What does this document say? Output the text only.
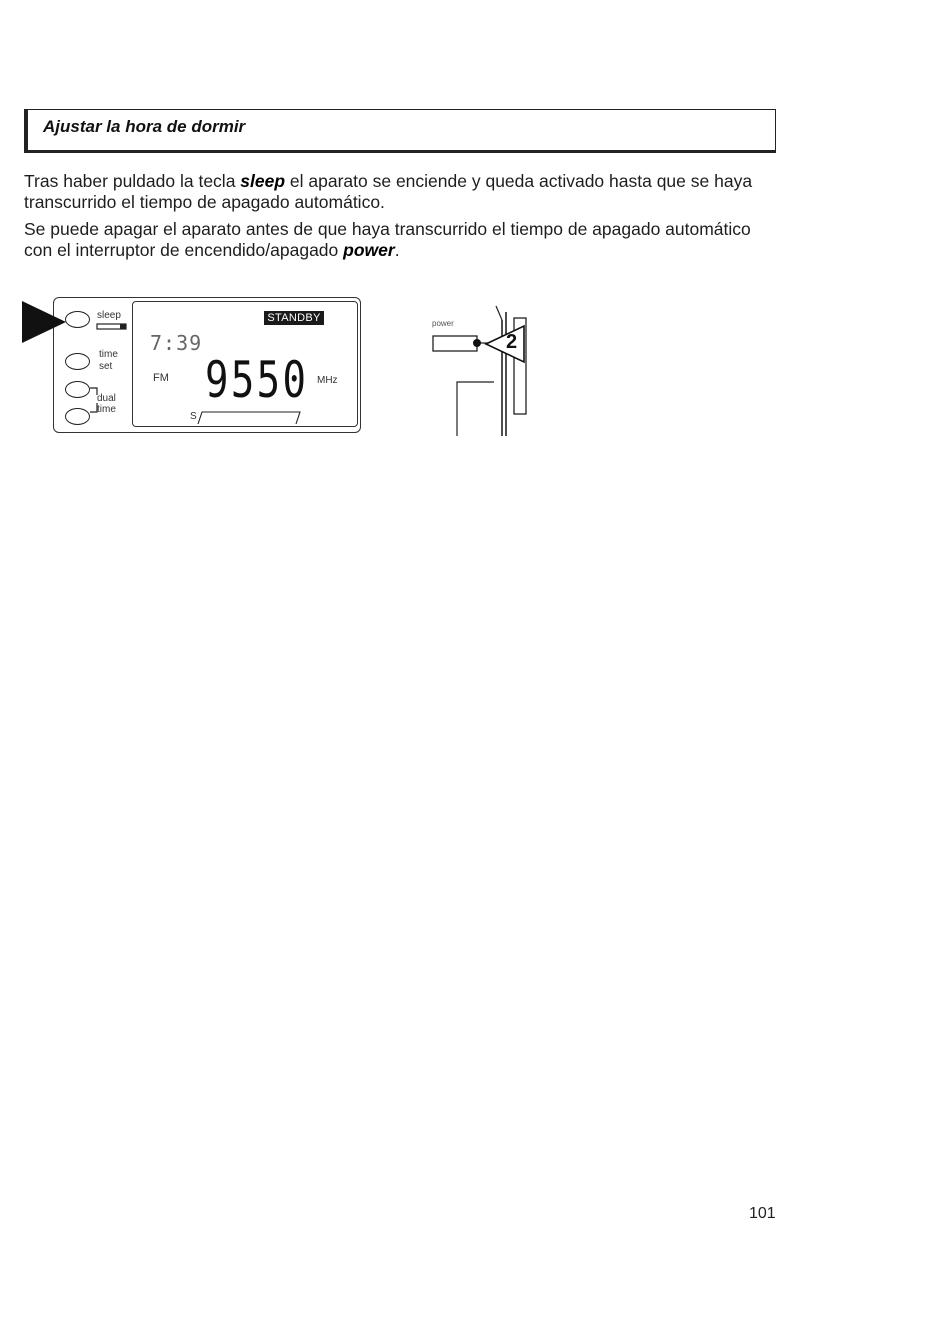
Ajustar la hora de dormir

Tras haber puldado la tecla sleep el aparato se enciende y queda activado hasta que se haya transcurrido el tiempo de apagado automático.

Se puede apagar el aparato antes de que haya transcurrido el tiempo de apagado automático con el interruptor de encendido/apagado power.

sleep
time
set
dual
time
STANDBY
7:39
FM 9550 MHz
S
power
2
101
